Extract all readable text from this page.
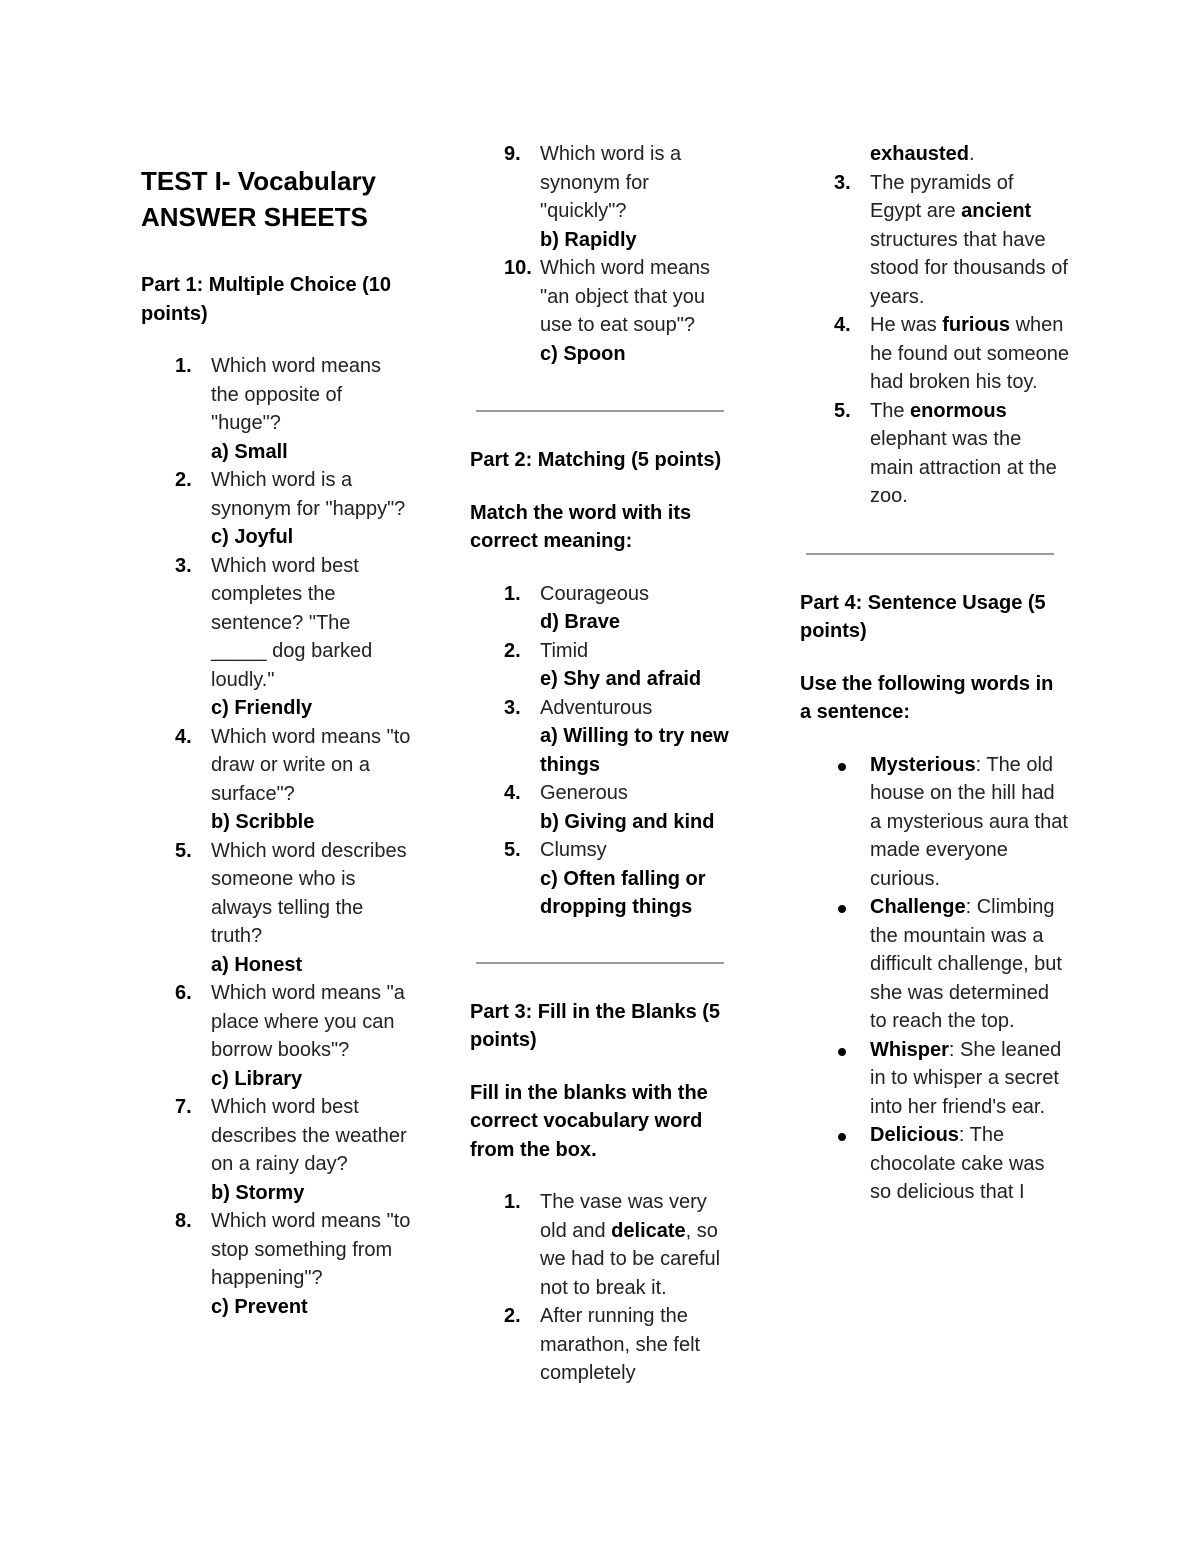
TEST I- Vocabulary
ANSWER SHEETS

Part 1: Multiple Choice (10 points)

1. Which word means the opposite of "huge"?
a) Small
2. Which word is a synonym for "happy"?
c) Joyful
3. Which word best completes the sentence? "The _____ dog barked loudly."
c) Friendly
4. Which word means "to draw or write on a surface"?
b) Scribble
5. Which word describes someone who is always telling the truth?
a) Honest
6. Which word means "a place where you can borrow books"?
c) Library
7. Which word best describes the weather on a rainy day?
b) Stormy
8. Which word means "to stop something from happening"?
c) Prevent
9. Which word is a synonym for "quickly"?
b) Rapidly
10. Which word means "an object that you use to eat soup"?
c) Spoon

Part 2: Matching (5 points)

Match the word with its correct meaning:

1. Courageous
d) Brave
2. Timid
e) Shy and afraid
3. Adventurous
a) Willing to try new things
4. Generous
b) Giving and kind
5. Clumsy
c) Often falling or dropping things

Part 3: Fill in the Blanks (5 points)

Fill in the blanks with the correct vocabulary word from the box.

1. The vase was very old and delicate, so we had to be careful not to break it.
2. After running the marathon, she felt completely
exhausted.
3. The pyramids of Egypt are ancient structures that have stood for thousands of years.
4. He was furious when he found out someone had broken his toy.
5. The enormous elephant was the main attraction at the zoo.

Part 4: Sentence Usage (5 points)

Use the following words in a sentence:

Mysterious: The old house on the hill had a mysterious aura that made everyone curious.
Challenge: Climbing the mountain was a difficult challenge, but she was determined to reach the top.
Whisper: She leaned in to whisper a secret into her friend's ear.
Delicious: The chocolate cake was so delicious that I
